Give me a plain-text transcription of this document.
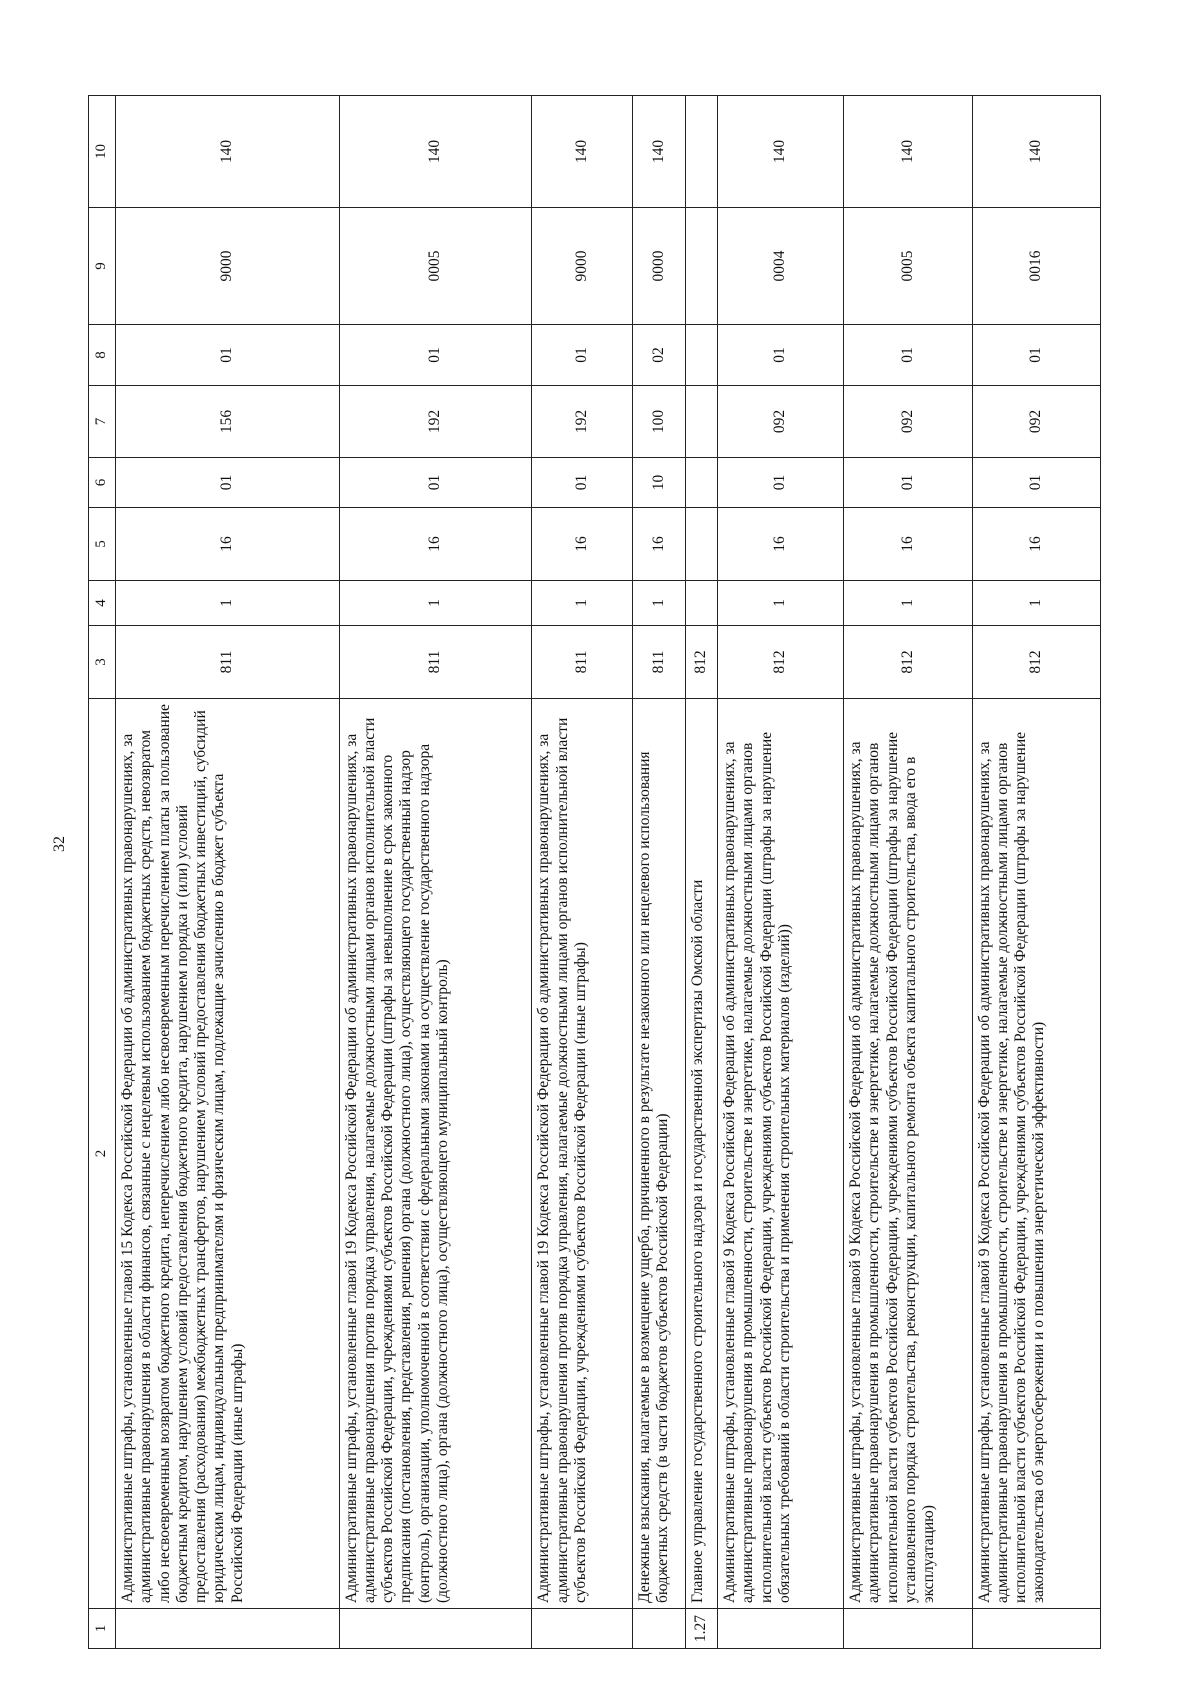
32
1	2	3	4	5	6	7	8	9	10
	Административные штрафы, установленные главой 15 Кодекса Российской Федерации об административных правонарушениях, за административные правонарушения в области финансов, связанные с нецелевым использованием бюджетных средств, невозвратом либо несвоевременным возвратом бюджетного кредита, неперечислением либо несвоевременным перечислением платы за пользование бюджетным кредитом, нарушением условий предоставления бюджетного кредита, нарушением порядка и (или) условий предоставления (расходования) межбюджетных трансфертов, нарушением условий предоставления бюджетных инвестиций, субсидий юридическим лицам, индивидуальным предпринимателям и физическим лицам, подлежащие зачислению в бюджет субъекта Российской Федерации (иные штрафы)	811	1	16	01	156	01	9000	140
	Административные штрафы, установленные главой 19 Кодекса Российской Федерации об административных правонарушениях, за административные правонарушения против порядка управления, налагаемые должностными лицами органов исполнительной власти субъектов Российской Федерации, учреждениями субъектов Российской Федерации (штрафы за невыполнение в срок законного предписания (постановления, представления, решения) органа (должностного лица), осуществляющего государственный надзор (контроль), организации, уполномоченной в соответствии с федеральными законами на осуществление государственного надзора (должностного лица), органа (должностного лица), осуществляющего муниципальный контроль)	811	1	16	01	192	01	0005	140
	Административные штрафы, установленные главой 19 Кодекса Российской Федерации об административных правонарушениях, за административные правонарушения против порядка управления, налагаемые должностными лицами органов исполнительной власти субъектов Российской Федерации, учреждениями субъектов Российской Федерации (иные штрафы)	811	1	16	01	192	01	9000	140
	Денежные взыскания, налагаемые в возмещение ущерба, причиненного в результате незаконного или нецелевого использования бюджетных средств (в части бюджетов субъектов Российской Федерации)	811	1	16	10	100	02	0000	140
1.27	Главное управление государственного строительного надзора и государственной экспертизы Омской области	812							
	Административные штрафы, установленные главой 9 Кодекса Российской Федерации об административных правонарушениях, за административные правонарушения в промышленности, строительстве и энергетике, налагаемые должностными лицами органов исполнительной власти субъектов Российской Федерации, учреждениями субъектов Российской Федерации (штрафы за нарушение обязательных требований в области строительства и применения строительных материалов (изделий))	812	1	16	01	092	01	0004	140
	Административные штрафы, установленные главой 9 Кодекса Российской Федерации об административных правонарушениях, за административные правонарушения в промышленности, строительстве и энергетике, налагаемые должностными лицами органов исполнительной власти субъектов Российской Федерации, учреждениями субъектов Российской Федерации (штрафы за нарушение установленного порядка строительства, реконструкции, капитального ремонта объекта капитального строительства, ввода его в эксплуатацию)	812	1	16	01	092	01	0005	140
	Административные штрафы, установленные главой 9 Кодекса Российской Федерации об административных правонарушениях, за административные правонарушения в промышленности, строительстве и энергетике, налагаемые должностными лицами органов исполнительной власти субъектов Российской Федерации, учреждениями субъектов Российской Федерации (штрафы за нарушение законодательства об энергосбережении и о повышении энергетической эффективности)	812	1	16	01	092	01	0016	140
